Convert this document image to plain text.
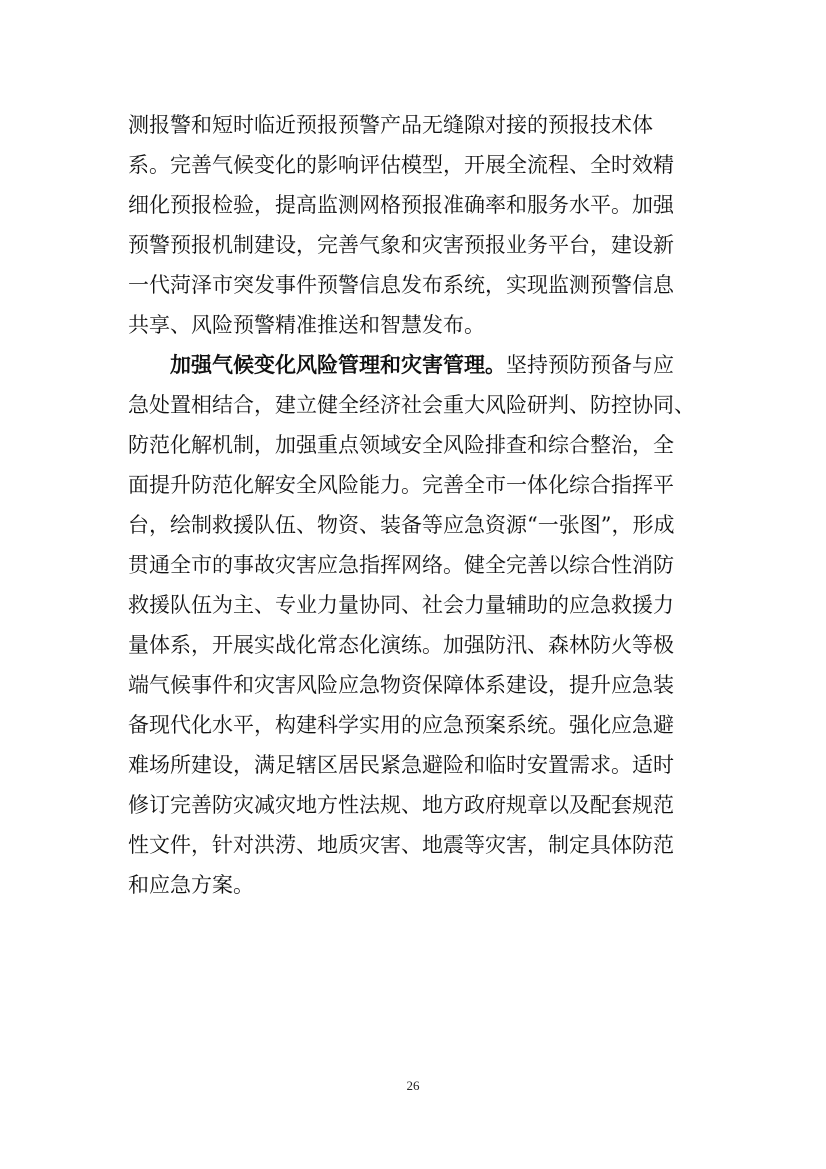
测报警和短时临近预报预警产品无缝隙对接的预报技术体
系。完善气候变化的影响评估模型，开展全流程、全时效精
细化预报检验，提高监测网格预报准确率和服务水平。加强
预警预报机制建设，完善气象和灾害预报业务平台，建设新
一代菏泽市突发事件预警信息发布系统，实现监测预警信息
共享、风险预警精准推送和智慧发布。
加强气候变化风险管理和灾害管理。坚持预防预备与应
急处置相结合，建立健全经济社会重大风险研判、防控协同、
防范化解机制，加强重点领域安全风险排查和综合整治，全
面提升防范化解安全风险能力。完善全市一体化综合指挥平
台，绘制救援队伍、物资、装备等应急资源“一张图”，形成
贯通全市的事故灾害应急指挥网络。健全完善以综合性消防
救援队伍为主、专业力量协同、社会力量辅助的应急救援力
量体系，开展实战化常态化演练。加强防汛、森林防火等极
端气候事件和灾害风险应急物资保障体系建设，提升应急装
备现代化水平，构建科学实用的应急预案系统。强化应急避
难场所建设，满足辖区居民紧急避险和临时安置需求。适时
修订完善防灾减灾地方性法规、地方政府规章以及配套规范
性文件，针对洪涝、地质灾害、地震等灾害，制定具体防范
和应急方案。
26
